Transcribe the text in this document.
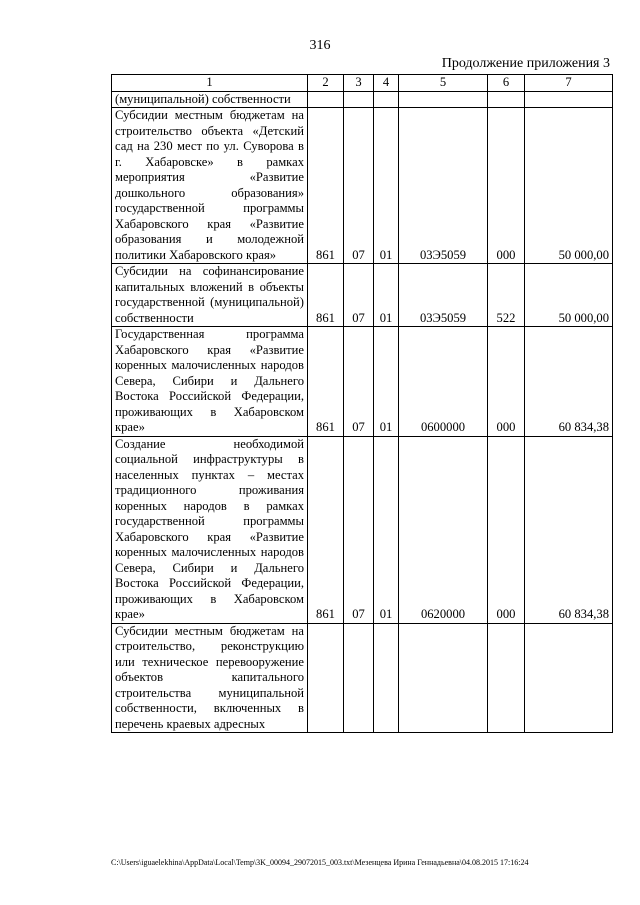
316
Продолжение приложения 3
1	2	3	4	5	6	7
(муниципальной) собственности						
Субсидии местным бюджетам на строительство объекта «Детский сад на 230 мест по ул. Суворова в г. Хабаровске» в рамках мероприятия «Развитие дошкольного образования» государственной программы Хабаровского края «Развитие образования и молодежной политики Хабаровского края»	861	07	01	03Э5059	000	50 000,00
Субсидии на софинансирование капитальных вложений в объекты государственной (муниципальной) собственности	861	07	01	03Э5059	522	50 000,00
Государственная программа Хабаровского края «Развитие коренных малочисленных народов Севера, Сибири и Дальнего Востока Российской Федерации, проживающих в Хабаровском крае»	861	07	01	0600000	000	60 834,38
Создание необходимой социальной инфраструктуры в населенных пунктах – местах традиционного проживания коренных народов в рамках государственной программы Хабаровского края «Развитие коренных малочисленных народов Севера, Сибири и Дальнего Востока Российской Федерации, проживающих в Хабаровском крае»	861	07	01	0620000	000	60 834,38
Субсидии местным бюджетам на строительство, реконструкцию или техническое перевооружение объектов капитального строительства муниципальной собственности, включенных в перечень краевых адресных						
C:\Users\iguaelekhina\AppData\Local\Temp\3K_00094_29072015_003.txt\Мезенцева Ирина Геннадьевна\04.08.2015 17:16:24
